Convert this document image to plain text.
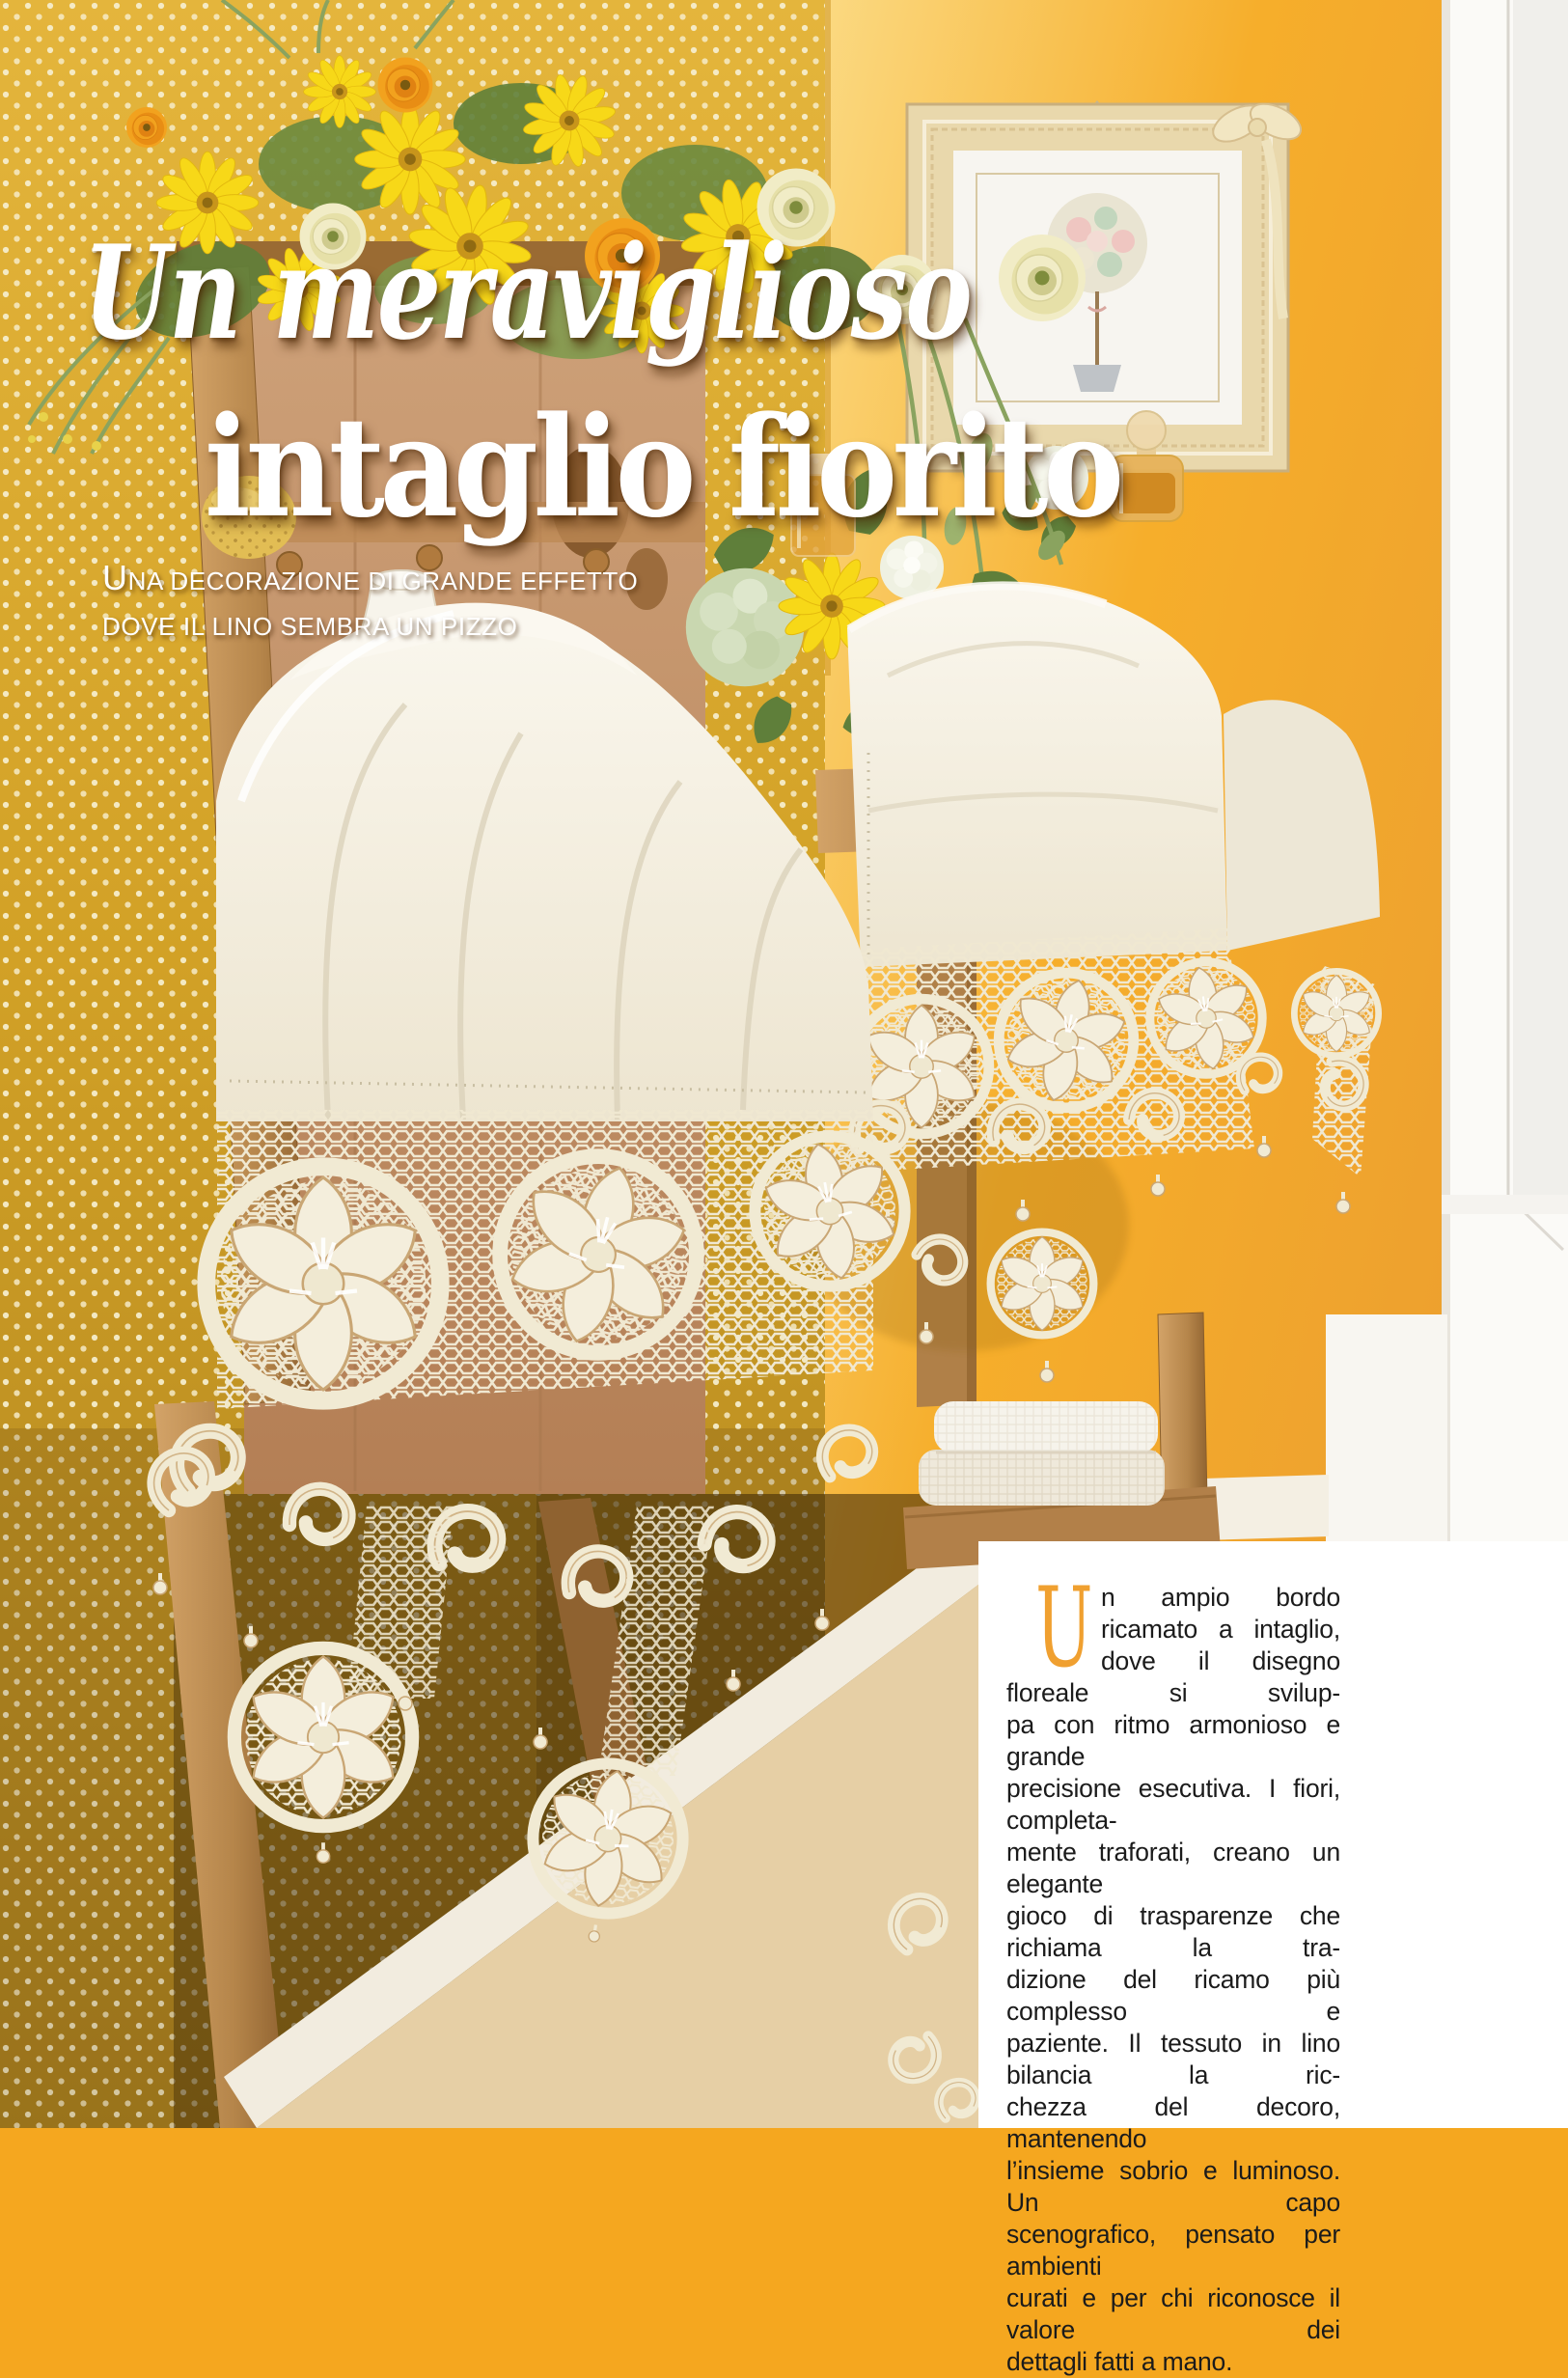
Un meraviglioso
intaglio fiorito
UNA DECORAZIONE DI GRANDE EFFETTO
DOVE IL LINO SEMBRA UN PIZZO
U n ampio bordo ricamato a intaglio,
dove il disegno floreale si svilup-
pa con ritmo armonioso e grande
precisione esecutiva. I fiori, completa-
mente traforati, creano un elegante
gioco di trasparenze che richiama la tra-
dizione del ricamo più complesso e
paziente. Il tessuto in lino bilancia la ric-
chezza del decoro, mantenendo
l’insieme sobrio e luminoso. Un capo
scenografico, pensato per ambienti
curati e per chi riconosce il valore dei
dettagli fatti a mano.
